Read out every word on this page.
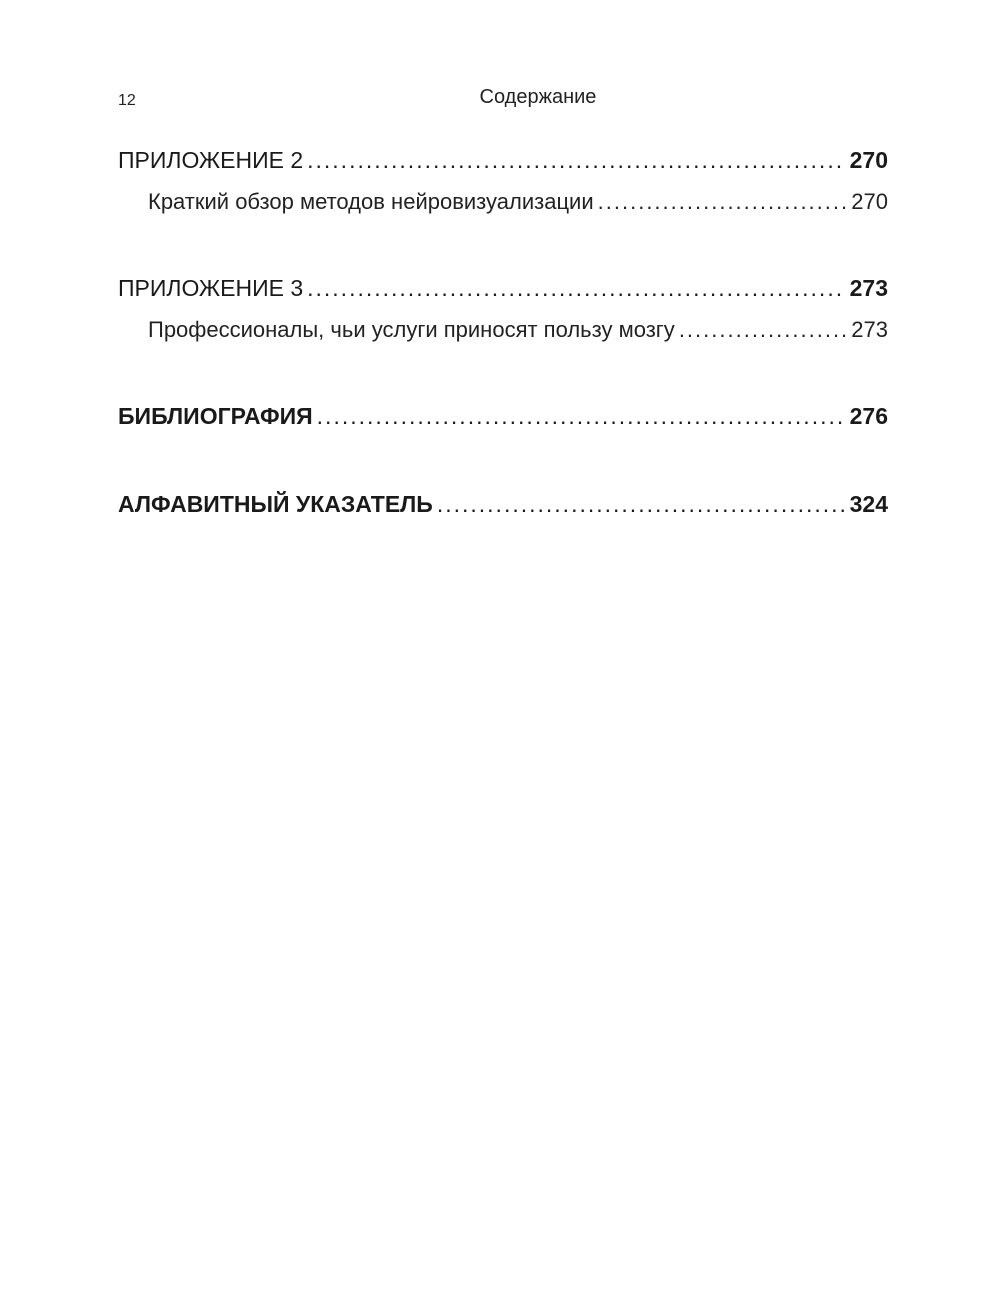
12	Содержание
ПРИЛОЖЕНИЕ 2 .....	270
Краткий обзор методов нейровизуализации .....	270
ПРИЛОЖЕНИЕ 3 .....	273
Профессионалы, чьи услуги приносят пользу мозгу .....	273
БИБЛИОГРАФИЯ .....	276
АЛФАВИТНЫЙ УКАЗАТЕЛЬ .....	324
